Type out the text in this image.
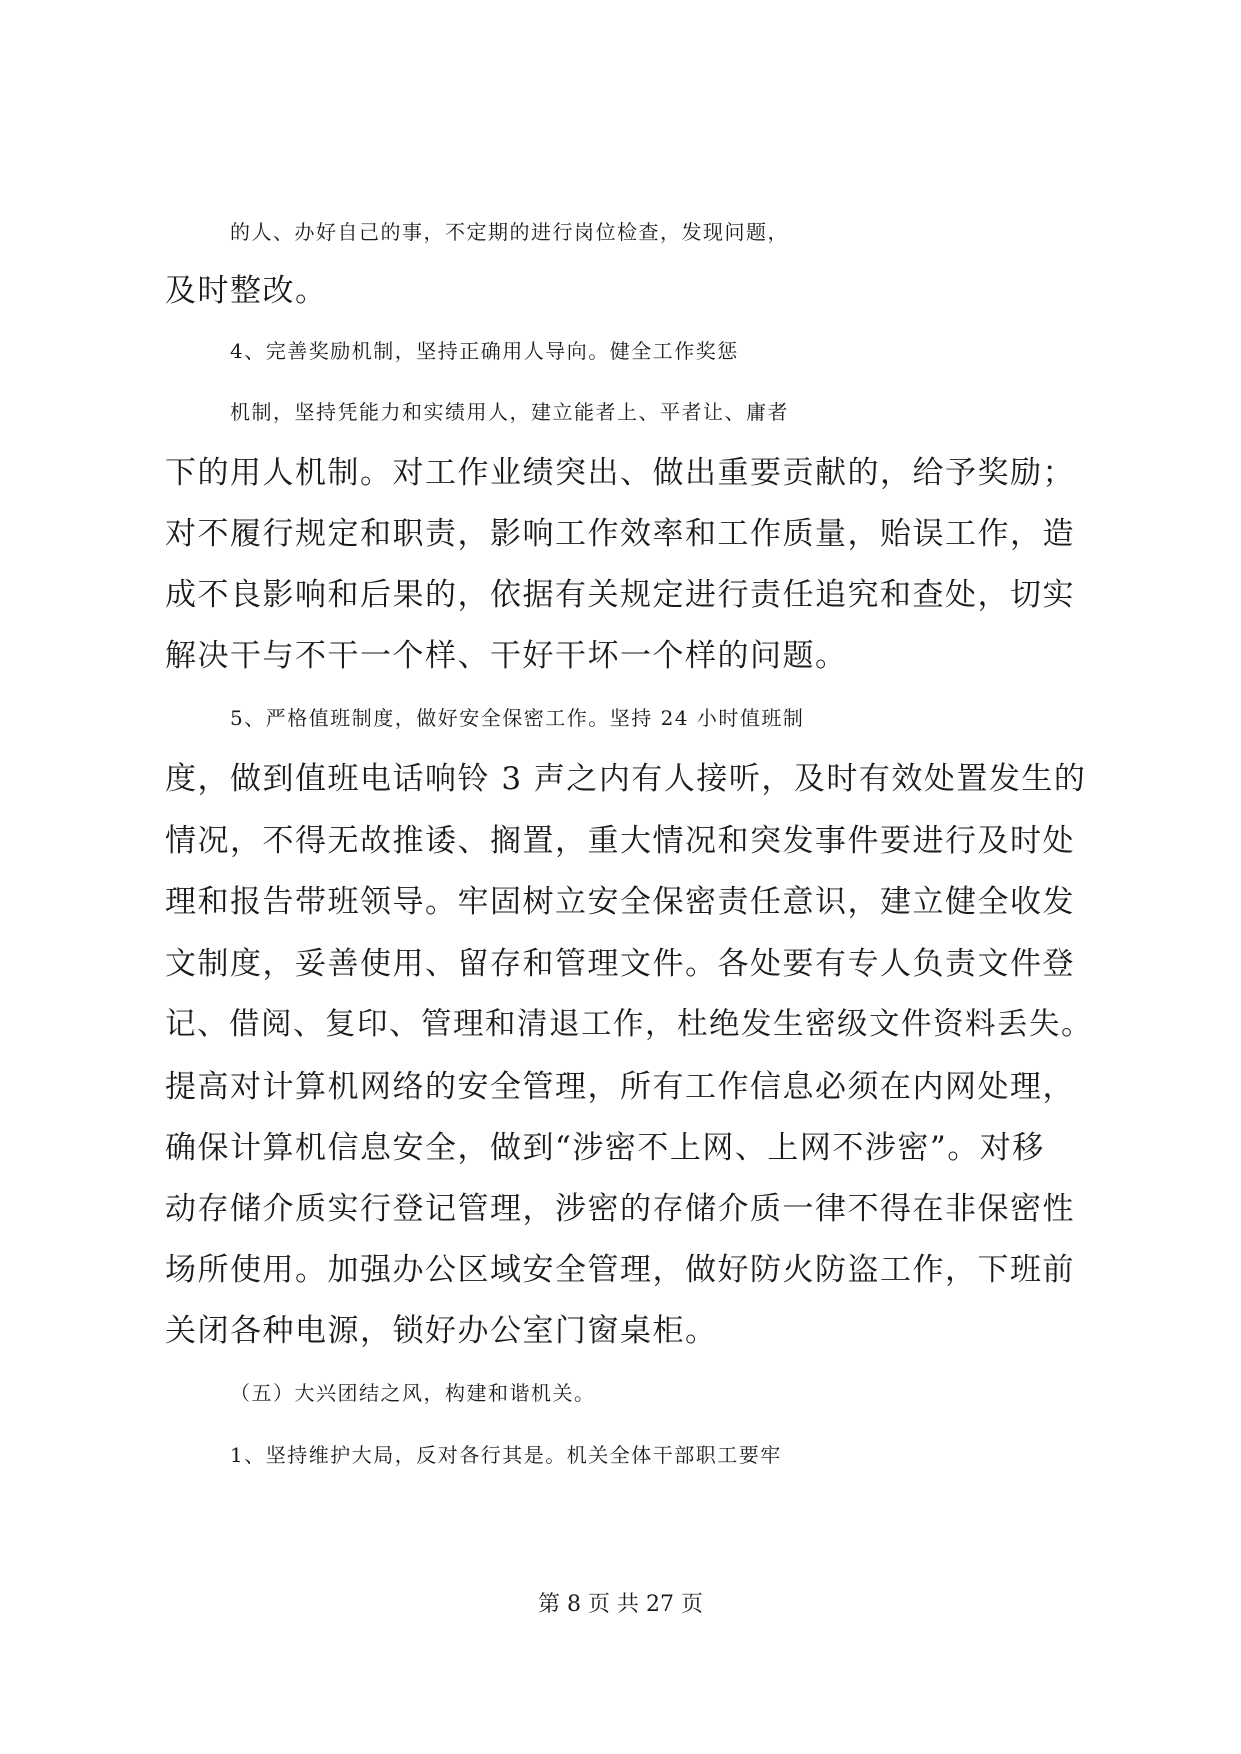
的人、办好自己的事，不定期的进行岗位检查，发现问题，
及时整改。
4、完善奖励机制，坚持正确用人导向。健全工作奖惩
机制，坚持凭能力和实绩用人，建立能者上、平者让、庸者
下的用人机制。对工作业绩突出、做出重要贡献的，给予奖励；
对不履行规定和职责，影响工作效率和工作质量，贻误工作，造
成不良影响和后果的，依据有关规定进行责任追究和查处，切实
解决干与不干一个样、干好干坏一个样的问题。
5、严格值班制度，做好安全保密工作。坚持 24 小时值班制
度，做到值班电话响铃 3 声之内有人接听，及时有效处置发生的
情况，不得无故推诿、搁置，重大情况和突发事件要进行及时处
理和报告带班领导。牢固树立安全保密责任意识，建立健全收发
文制度，妥善使用、留存和管理文件。各处要有专人负责文件登
记、借阅、复印、管理和清退工作，杜绝发生密级文件资料丢失。
提高对计算机网络的安全管理，所有工作信息必须在内网处理，
确保计算机信息安全，做到“涉密不上网、上网不涉密”。对移
动存储介质实行登记管理，涉密的存储介质一律不得在非保密性
场所使用。加强办公区域安全管理，做好防火防盗工作，下班前
关闭各种电源，锁好办公室门窗桌柜。
（五）大兴团结之风，构建和谐机关。
1、坚持维护大局，反对各行其是。机关全体干部职工要牢
第 8 页 共 27 页
